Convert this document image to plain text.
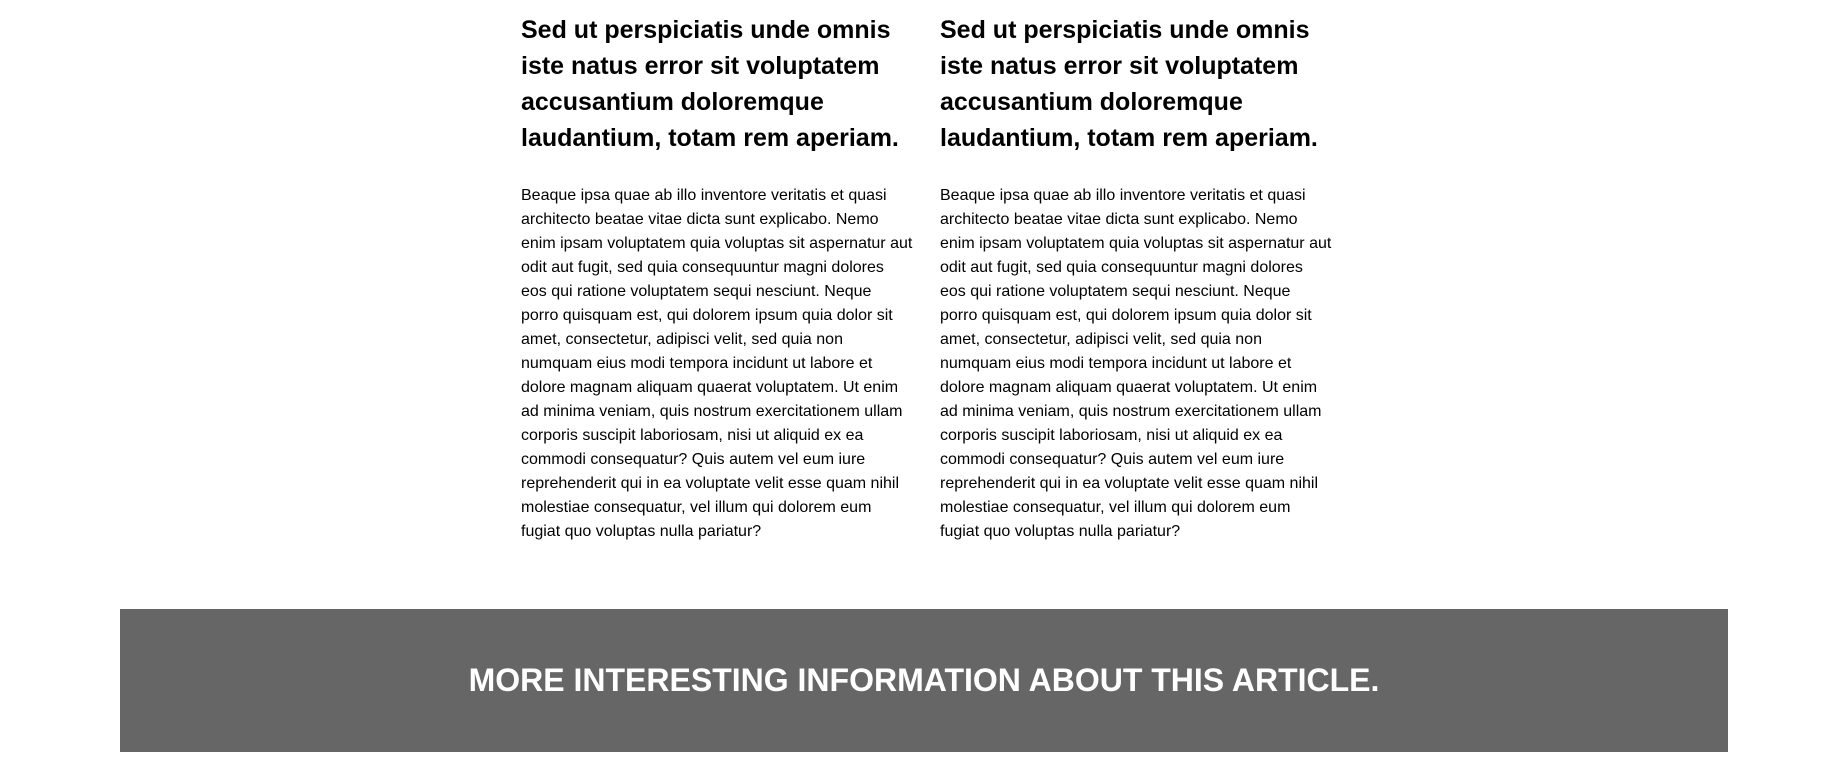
Sed ut perspiciatis unde omnis iste natus error sit voluptatem accusantium doloremque laudantium, totam rem aperiam.

Beaque ipsa quae ab illo inventore veritatis et quasi architecto beatae vitae dicta sunt explicabo. Nemo enim ipsam voluptatem quia voluptas sit aspernatur aut odit aut fugit, sed quia consequuntur magni dolores eos qui ratione voluptatem sequi nesciunt. Neque porro quisquam est, qui dolorem ipsum quia dolor sit amet, consectetur, adipisci velit, sed quia non numquam eius modi tempora incidunt ut labore et dolore magnam aliquam quaerat voluptatem. Ut enim ad minima veniam, quis nostrum exercitationem ullam corporis suscipit laboriosam, nisi ut aliquid ex ea commodi consequatur? Quis autem vel eum iure reprehenderit qui in ea voluptate velit esse quam nihil molestiae consequatur, vel illum qui dolorem eum fugiat quo voluptas nulla pariatur?

Sed ut perspiciatis unde omnis iste natus error sit voluptatem accusantium doloremque laudantium, totam rem aperiam.

Beaque ipsa quae ab illo inventore veritatis et quasi architecto beatae vitae dicta sunt explicabo. Nemo enim ipsam voluptatem quia voluptas sit aspernatur aut odit aut fugit, sed quia consequuntur magni dolores eos qui ratione voluptatem sequi nesciunt. Neque porro quisquam est, qui dolorem ipsum quia dolor sit amet, consectetur, adipisci velit, sed quia non numquam eius modi tempora incidunt ut labore et dolore magnam aliquam quaerat voluptatem. Ut enim ad minima veniam, quis nostrum exercitationem ullam corporis suscipit laboriosam, nisi ut aliquid ex ea commodi consequatur? Quis autem vel eum iure reprehenderit qui in ea voluptate velit esse quam nihil molestiae consequatur, vel illum qui dolorem eum fugiat quo voluptas nulla pariatur?

MORE INTERESTING INFORMATION ABOUT THIS ARTICLE.
